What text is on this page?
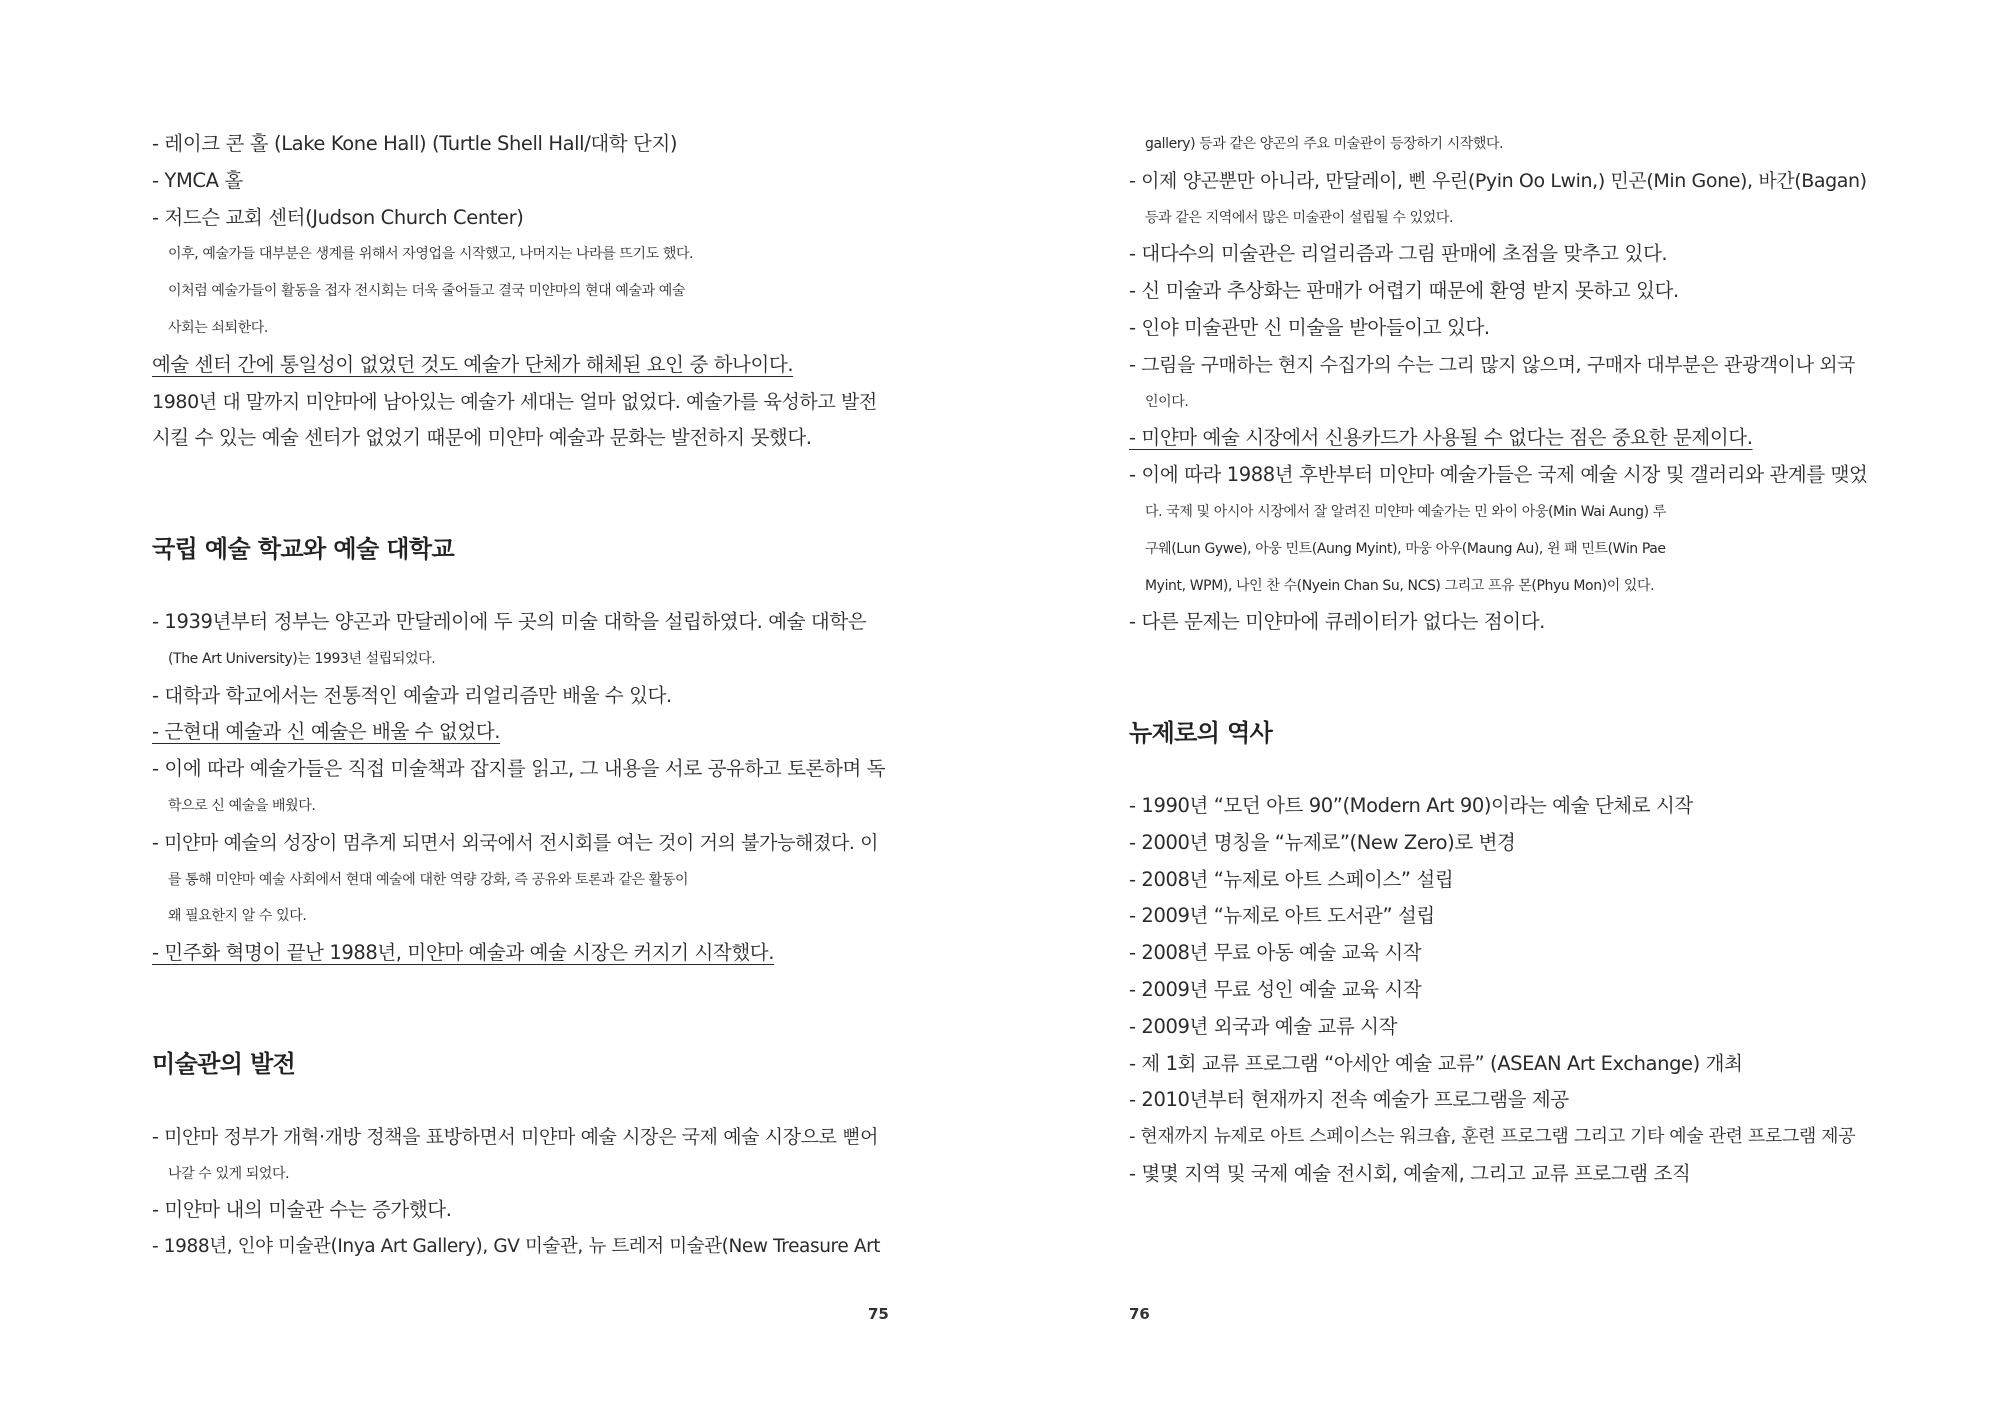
- 레이크 콘 홀 (Lake Kone Hall) (Turtle Shell Hall/대학 단지)
- YMCA 홀
- 저드슨 교회 센터(Judson Church Center)
이후, 예술가들 대부분은 생계를 위해서 자영업을 시작했고, 나머지는 나라를 뜨기도 했다.
이처럼 예술가들이 활동을 접자 전시회는 더욱 줄어들고 결국 미얀마의 현대 예술과 예술
사회는 쇠퇴한다.
예술 센터 간에 통일성이 없었던 것도 예술가 단체가 해체된 요인 중 하나이다.
1980년 대 말까지 미얀마에 남아있는 예술가 세대는 얼마 없었다. 예술가를 육성하고 발전
시킬 수 있는 예술 센터가 없었기 때문에 미얀마 예술과 문화는 발전하지 못했다.
국립 예술 학교와 예술 대학교
- 1939년부터 정부는 양곤과 만달레이에 두 곳의 미술 대학을 설립하였다. 예술 대학은
(The Art University)는 1993년 설립되었다.
- 대학과 학교에서는 전통적인 예술과 리얼리즘만 배울 수 있다.
- 근현대 예술과 신 예술은 배울 수 없었다.
- 이에 따라 예술가들은 직접 미술책과 잡지를 읽고, 그 내용을 서로 공유하고 토론하며 독
학으로 신 예술을 배웠다.
- 미얀마 예술의 성장이 멈추게 되면서 외국에서 전시회를 여는 것이 거의 불가능해졌다. 이
를 통해 미얀마 예술 사회에서 현대 예술에 대한 역량 강화, 즉 공유와 토론과 같은 활동이
왜 필요한지 알 수 있다.
- 민주화 혁명이 끝난 1988년, 미얀마 예술과 예술 시장은 커지기 시작했다.
미술관의 발전
- 미얀마 정부가 개혁·개방 정책을 표방하면서 미얀마 예술 시장은 국제 예술 시장으로 뻗어
나갈 수 있게 되었다.
- 미얀마 내의 미술관 수는 증가했다.
- 1988년, 인야 미술관(Inya Art Gallery), GV 미술관, 뉴 트레저 미술관(New Treasure Art
75
gallery) 등과 같은 양곤의 주요 미술관이 등장하기 시작했다.
- 이제 양곤뿐만 아니라, 만달레이, 삔 우린(Pyin Oo Lwin,) 민곤(Min Gone), 바간(Bagan)
등과 같은 지역에서 많은 미술관이 설립될 수 있었다.
- 대다수의 미술관은 리얼리즘과 그림 판매에 초점을 맞추고 있다.
- 신 미술과 추상화는 판매가 어렵기 때문에 환영 받지 못하고 있다.
- 인야 미술관만 신 미술을 받아들이고 있다.
- 그림을 구매하는 현지 수집가의 수는 그리 많지 않으며, 구매자 대부분은 관광객이나 외국
인이다.
- 미얀마 예술 시장에서 신용카드가 사용될 수 없다는 점은 중요한 문제이다.
- 이에 따라 1988년 후반부터 미얀마 예술가들은 국제 예술 시장 및 갤러리와 관계를 맺었
다. 국제 및 아시아 시장에서 잘 알려진 미얀마 예술가는 민 와이 아웅(Min Wai Aung) 루
구웨(Lun Gywe), 아웅 민트(Aung Myint), 마웅 아우(Maung Au), 윈 패 민트(Win Pae
Myint, WPM), 나인 찬 수(Nyein Chan Su, NCS) 그리고 프유 몬(Phyu Mon)이 있다.
- 다른 문제는 미얀마에 큐레이터가 없다는 점이다.
뉴제로의 역사
- 1990년 “모던 아트 90”(Modern Art 90)이라는 예술 단체로 시작
- 2000년 명칭을 “뉴제로”(New Zero)로 변경
- 2008년 “뉴제로 아트 스페이스” 설립
- 2009년 “뉴제로 아트 도서관” 설립
- 2008년 무료 아동 예술 교육 시작
- 2009년 무료 성인 예술 교육 시작
- 2009년 외국과 예술 교류 시작
- 제 1회 교류 프로그램 “아세안 예술 교류” (ASEAN Art Exchange) 개최
- 2010년부터 현재까지 전속 예술가 프로그램을 제공
- 현재까지 뉴제로 아트 스페이스는 워크숍, 훈련 프로그램 그리고 기타 예술 관련 프로그램 제공
- 몇몇 지역 및 국제 예술 전시회, 예술제, 그리고 교류 프로그램 조직
76
